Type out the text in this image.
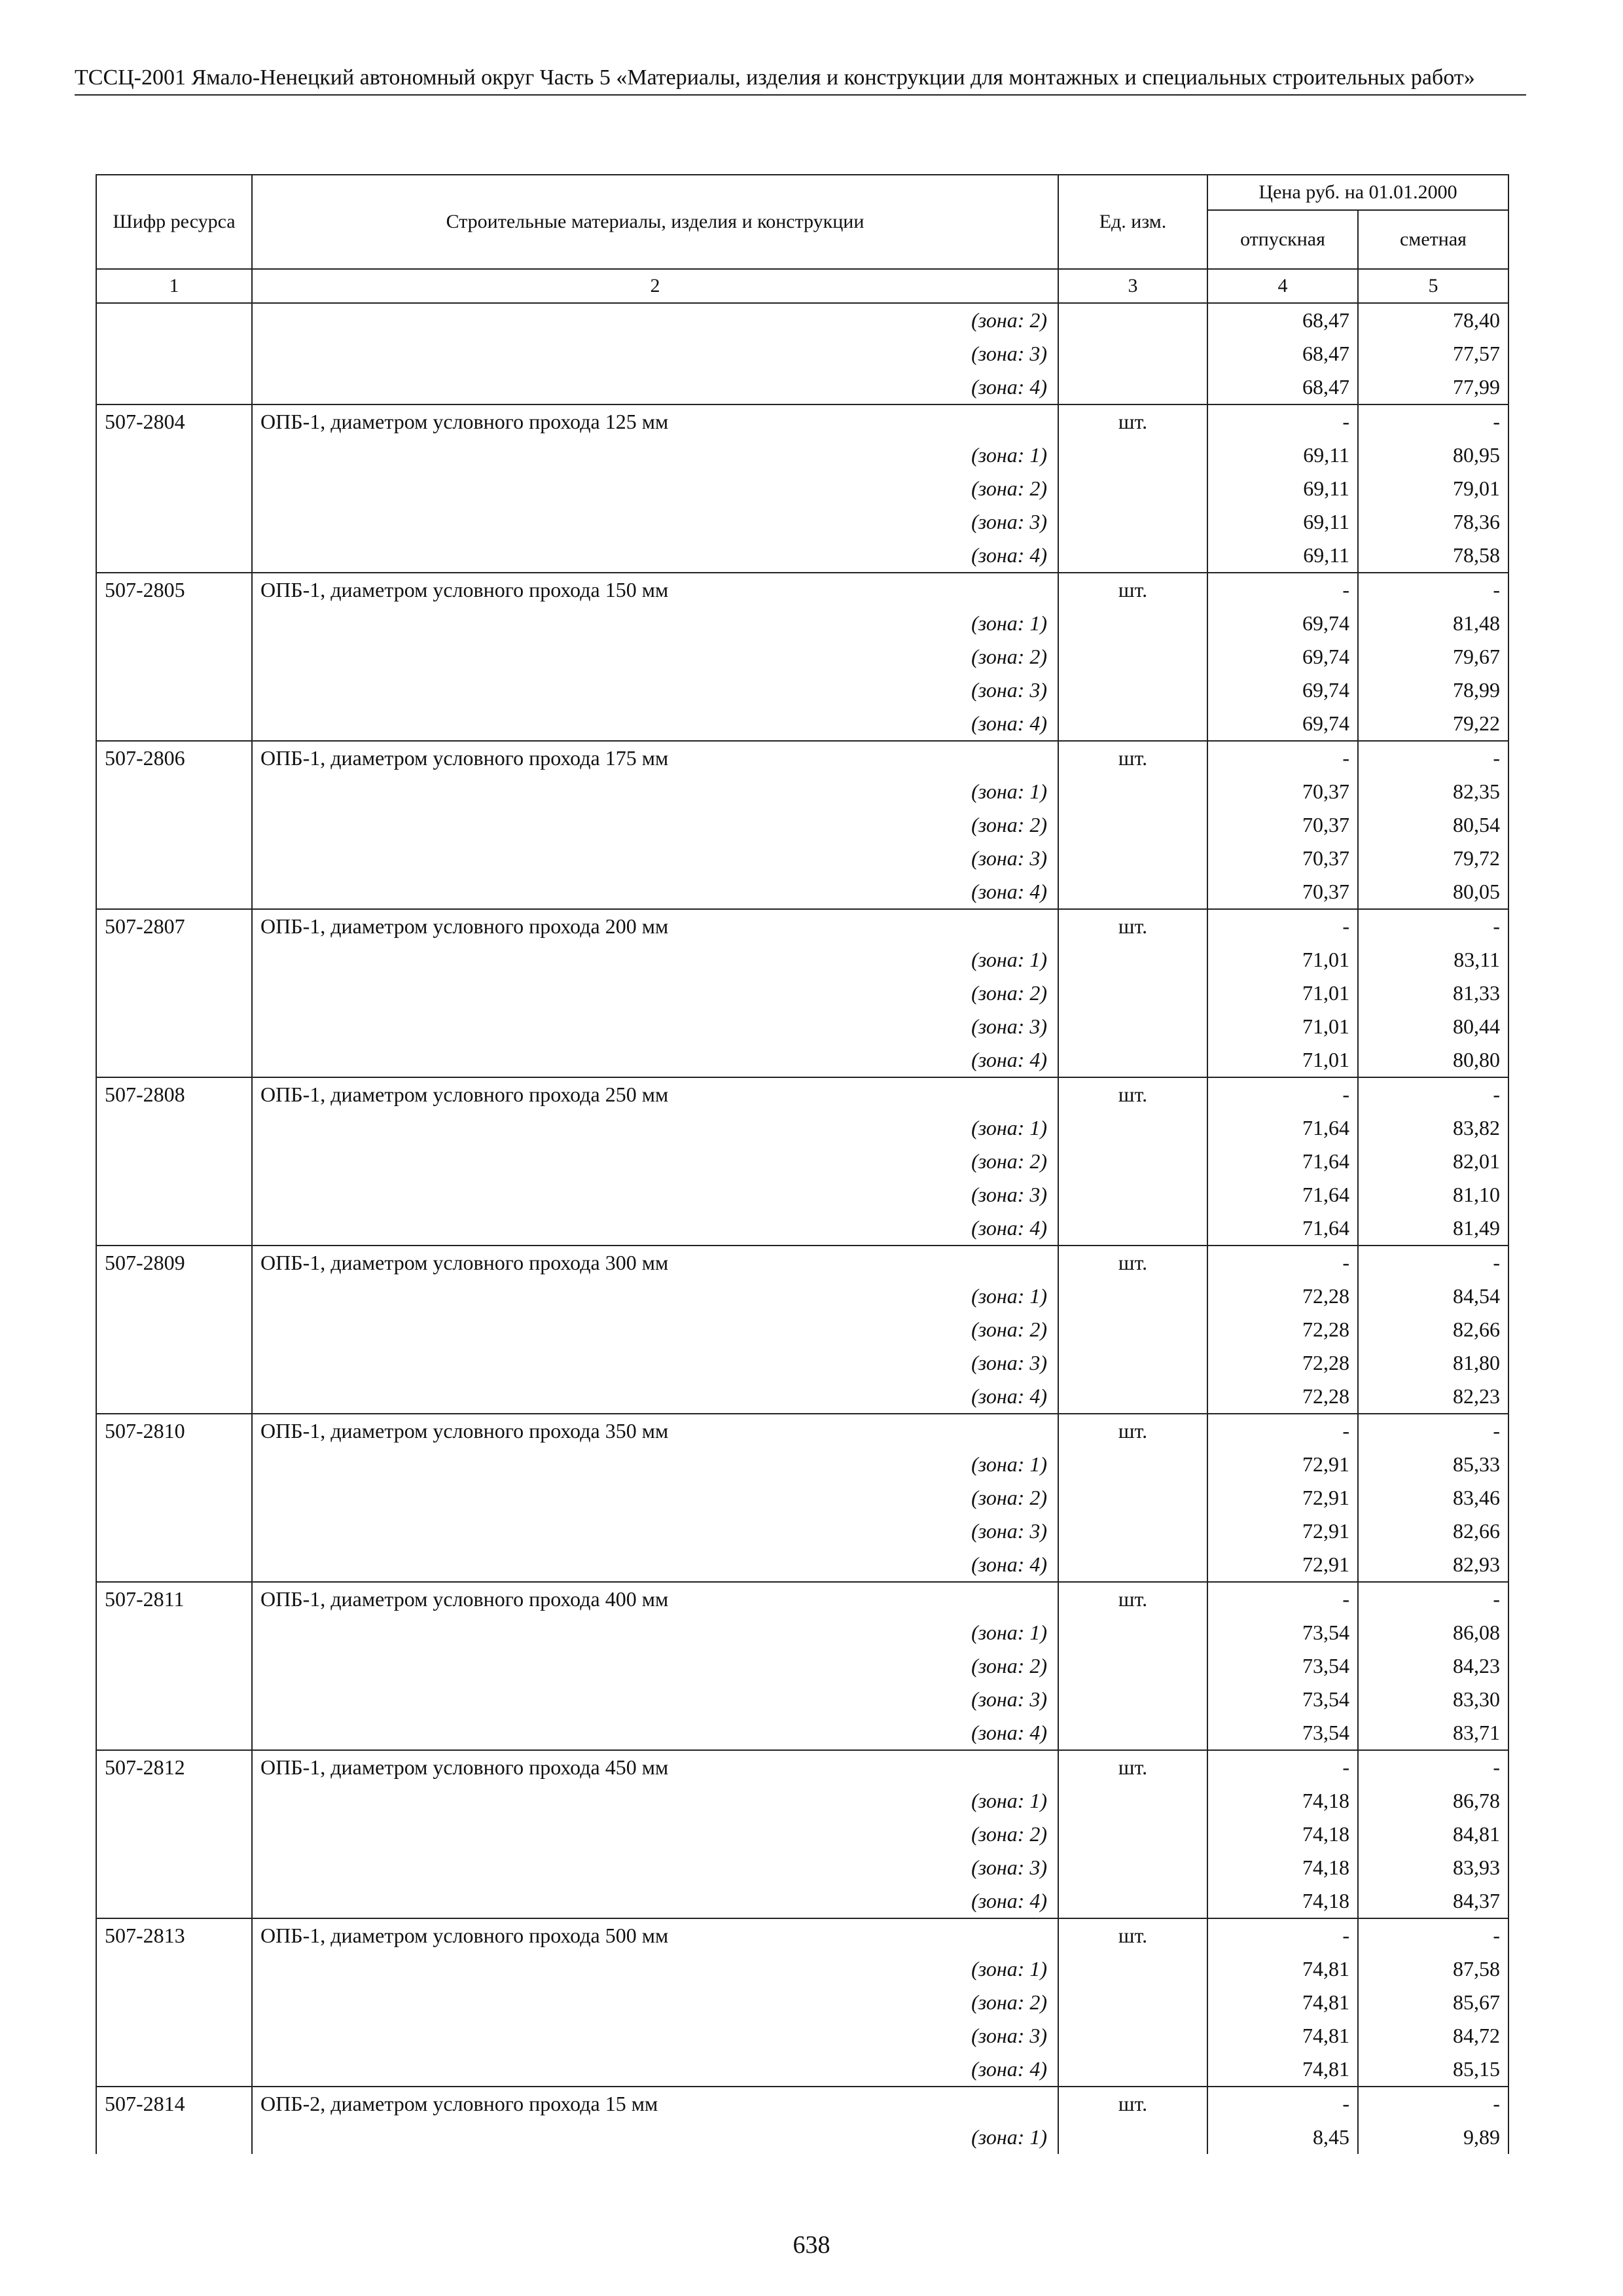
ТССЦ-2001 Ямало-Ненецкий автономный округ Часть 5 «Материалы, изделия и конструкции для монтажных и специальных строительных работ»
Шифр ресурса	Строительные материалы, изделия и конструкции	Ед. изм.	Цена руб. на 01.01.2000	
			отпускная	сметная
1	2	3	4	5
	(зона: 2)		68,47	78,40
	(зона: 3)		68,47	77,57
	(зона: 4)		68,47	77,99
507-2804	ОПБ-1, диаметром условного прохода 125 мм	шт.	-	-
	(зона: 1)		69,11	80,95
	(зона: 2)		69,11	79,01
	(зона: 3)		69,11	78,36
	(зона: 4)		69,11	78,58
507-2805	ОПБ-1, диаметром условного прохода 150 мм	шт.	-	-
	(зона: 1)		69,74	81,48
	(зона: 2)		69,74	79,67
	(зона: 3)		69,74	78,99
	(зона: 4)		69,74	79,22
507-2806	ОПБ-1, диаметром условного прохода 175 мм	шт.	-	-
	(зона: 1)		70,37	82,35
	(зона: 2)		70,37	80,54
	(зона: 3)		70,37	79,72
	(зона: 4)		70,37	80,05
507-2807	ОПБ-1, диаметром условного прохода 200 мм	шт.	-	-
	(зона: 1)		71,01	83,11
	(зона: 2)		71,01	81,33
	(зона: 3)		71,01	80,44
	(зона: 4)		71,01	80,80
507-2808	ОПБ-1, диаметром условного прохода 250 мм	шт.	-	-
	(зона: 1)		71,64	83,82
	(зона: 2)		71,64	82,01
	(зона: 3)		71,64	81,10
	(зона: 4)		71,64	81,49
507-2809	ОПБ-1, диаметром условного прохода 300 мм	шт.	-	-
	(зона: 1)		72,28	84,54
	(зона: 2)		72,28	82,66
	(зона: 3)		72,28	81,80
	(зона: 4)		72,28	82,23
507-2810	ОПБ-1, диаметром условного прохода 350 мм	шт.	-	-
	(зона: 1)		72,91	85,33
	(зона: 2)		72,91	83,46
	(зона: 3)		72,91	82,66
	(зона: 4)		72,91	82,93
507-2811	ОПБ-1, диаметром условного прохода 400 мм	шт.	-	-
	(зона: 1)		73,54	86,08
	(зона: 2)		73,54	84,23
	(зона: 3)		73,54	83,30
	(зона: 4)		73,54	83,71
507-2812	ОПБ-1, диаметром условного прохода 450 мм	шт.	-	-
	(зона: 1)		74,18	86,78
	(зона: 2)		74,18	84,81
	(зона: 3)		74,18	83,93
	(зона: 4)		74,18	84,37
507-2813	ОПБ-1, диаметром условного прохода 500 мм	шт.	-	-
	(зона: 1)		74,81	87,58
	(зона: 2)		74,81	85,67
	(зона: 3)		74,81	84,72
	(зона: 4)		74,81	85,15
507-2814	ОПБ-2, диаметром условного прохода 15 мм	шт.	-	-
	(зона: 1)		8,45	9,89
638
